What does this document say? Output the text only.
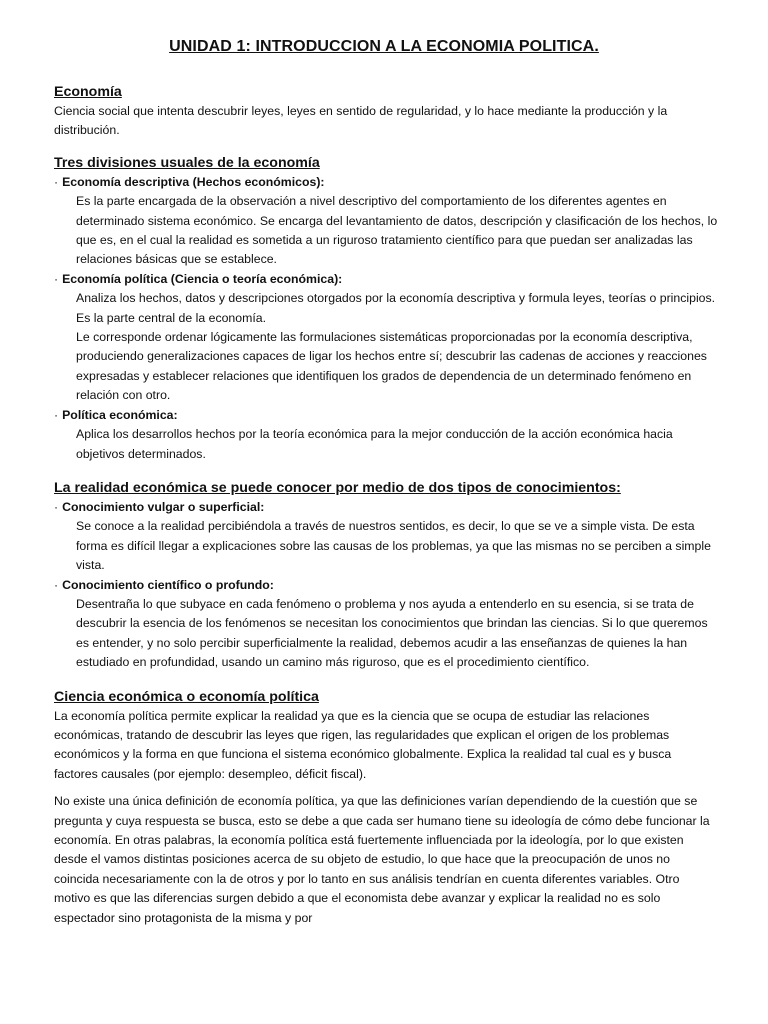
UNIDAD 1: INTRODUCCION A LA ECONOMIA POLITICA.
Economía

Ciencia social que intenta descubrir leyes, leyes en sentido de regularidad, y lo hace mediante la producción y la distribución.

Tres divisiones usuales de la economía

· Economía descriptiva (Hechos económicos):

Es la parte encargada de la observación a nivel descriptivo del comportamiento de los diferentes agentes en determinado sistema económico. Se encarga del levantamiento de datos, descripción y clasificación de los hechos, lo que es, en el cual la realidad es sometida a un riguroso tratamiento científico para que puedan ser analizadas las relaciones básicas que se establece.

· Economía política (Ciencia o teoría económica):

Analiza los hechos, datos y descripciones otorgados por la economía descriptiva y formula leyes, teorías o principios. Es la parte central de la economía.

Le corresponde ordenar lógicamente las formulaciones sistemáticas proporcionadas por la economía descriptiva, produciendo generalizaciones capaces de ligar los hechos entre sí; descubrir las cadenas de acciones y reacciones expresadas y establecer relaciones que identifiquen los grados de dependencia de un determinado fenómeno en relación con otro.

· Política económica:

Aplica los desarrollos hechos por la teoría económica para la mejor conducción de la acción económica hacia objetivos determinados.

La realidad económica se puede conocer por medio de dos tipos de conocimientos:

· Conocimiento vulgar o superficial:

Se conoce a la realidad percibiéndola a través de nuestros sentidos, es decir, lo que se ve a simple vista. De esta forma es difícil llegar a explicaciones sobre las causas de los problemas, ya que las mismas no se perciben a simple vista.

· Conocimiento científico o profundo:

Desentraña lo que subyace en cada fenómeno o problema y nos ayuda a entenderlo en su esencia, si se trata de descubrir la esencia de los fenómenos se necesitan los conocimientos que brindan las ciencias. Si lo que queremos es entender, y no solo percibir superficialmente la realidad, debemos acudir a las enseñanzas de quienes la han estudiado en profundidad, usando un camino más riguroso, que es el procedimiento científico.

Ciencia económica o economía política

La economía política permite explicar la realidad ya que es la ciencia que se ocupa de estudiar las relaciones económicas, tratando de descubrir las leyes que rigen, las regularidades que explican el origen de los problemas económicos y la forma en que funciona el sistema económico globalmente. Explica la realidad tal cual es y busca factores causales (por ejemplo: desempleo, déficit fiscal).

No existe una única definición de economía política, ya que las definiciones varían dependiendo de la cuestión que se pregunta y cuya respuesta se busca, esto se debe a que cada ser humano tiene su ideología de cómo debe funcionar la economía. En otras palabras, la economía política está fuertemente influenciada por la ideología, por lo que existen desde el vamos distintas posiciones acerca de su objeto de estudio, lo que hace que la preocupación de unos no coincida necesariamente con la de otros y por lo tanto en sus análisis tendrían en cuenta diferentes variables. Otro motivo es que las diferencias surgen debido a que el economista debe avanzar y explicar la realidad no es solo espectador sino protagonista de la misma y por
